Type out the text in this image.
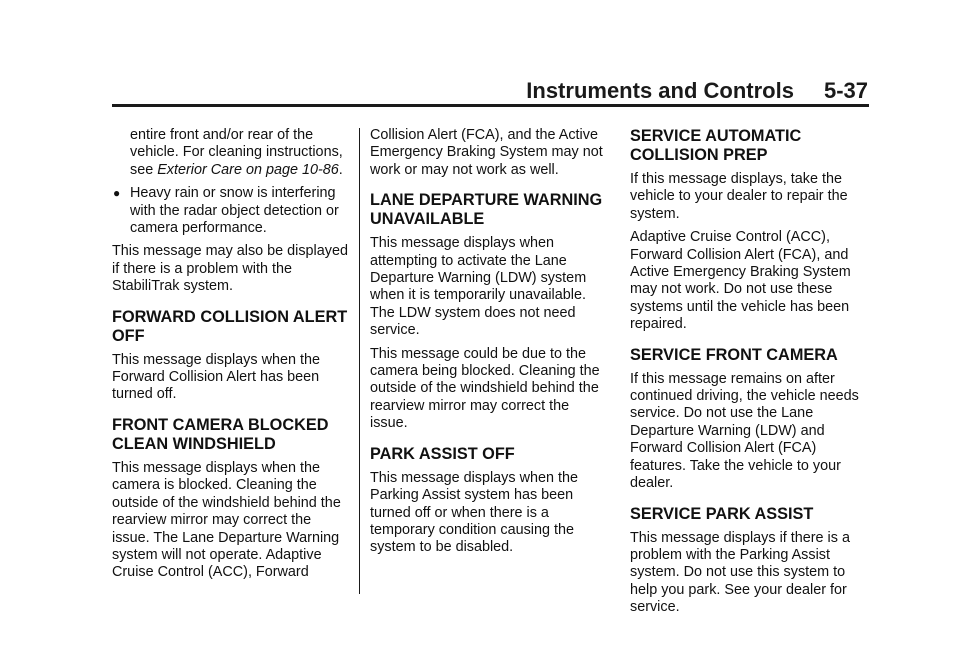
Instruments and Controls 5-37

entire front and/or rear of the vehicle. For cleaning instructions, see Exterior Care on page 10-86.

● Heavy rain or snow is interfering with the radar object detection or camera performance.

This message may also be displayed if there is a problem with the StabiliTrak system.

FORWARD COLLISION ALERT OFF

This message displays when the Forward Collision Alert has been turned off.

FRONT CAMERA BLOCKED CLEAN WINDSHIELD

This message displays when the camera is blocked. Cleaning the outside of the windshield behind the rearview mirror may correct the issue. The Lane Departure Warning system will not operate. Adaptive Cruise Control (ACC), Forward

Collision Alert (FCA), and the Active Emergency Braking System may not work or may not work as well.

LANE DEPARTURE WARNING UNAVAILABLE

This message displays when attempting to activate the Lane Departure Warning (LDW) system when it is temporarily unavailable. The LDW system does not need service.

This message could be due to the camera being blocked. Cleaning the outside of the windshield behind the rearview mirror may correct the issue.

PARK ASSIST OFF

This message displays when the Parking Assist system has been turned off or when there is a temporary condition causing the system to be disabled.

SERVICE AUTOMATIC COLLISION PREP

If this message displays, take the vehicle to your dealer to repair the system.

Adaptive Cruise Control (ACC), Forward Collision Alert (FCA), and Active Emergency Braking System may not work. Do not use these systems until the vehicle has been repaired.

SERVICE FRONT CAMERA

If this message remains on after continued driving, the vehicle needs service. Do not use the Lane Departure Warning (LDW) and Forward Collision Alert (FCA) features. Take the vehicle to your dealer.

SERVICE PARK ASSIST

This message displays if there is a problem with the Parking Assist system. Do not use this system to help you park. See your dealer for service.
